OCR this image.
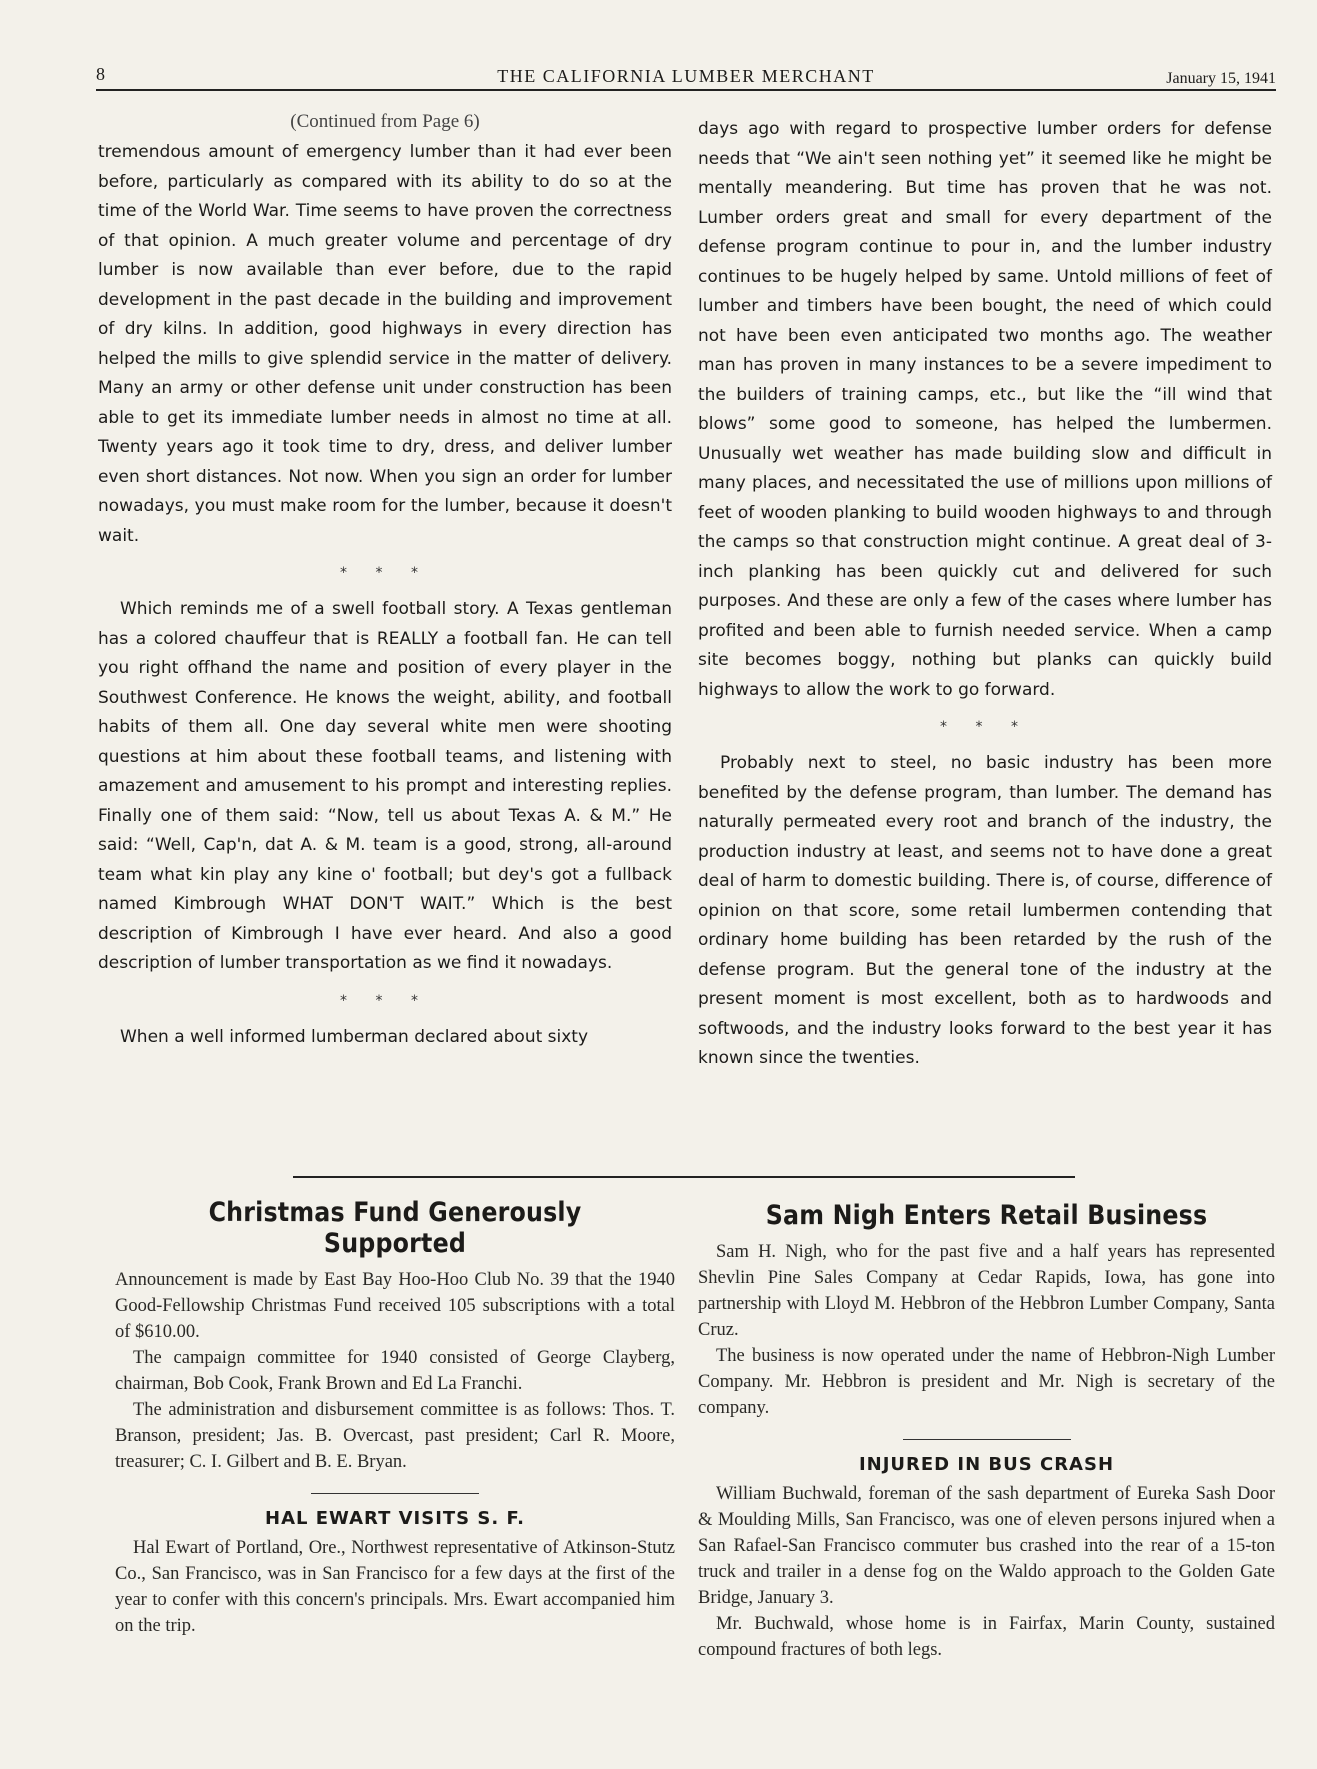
8	THE CALIFORNIA LUMBER MERCHANT	January 15, 1941

(Continued from Page 6)

tremendous amount of emergency lumber than it had ever been before, particularly as compared with its ability to do so at the time of the World War. Time seems to have proven the correctness of that opinion. A much greater volume and percentage of dry lumber is now available than ever before, due to the rapid development in the past decade in the building and improvement of dry kilns. In addition, good highways in every direction has helped the mills to give splendid service in the matter of delivery. Many an army or other defense unit under construction has been able to get its immediate lumber needs in almost no time at all. Twenty years ago it took time to dry, dress, and deliver lumber even short distances. Not now. When you sign an order for lumber nowadays, you must make room for the lumber, because it doesn't wait.

* * *

Which reminds me of a swell football story. A Texas gentleman has a colored chauffeur that is REALLY a football fan. He can tell you right offhand the name and position of every player in the Southwest Conference. He knows the weight, ability, and football habits of them all. One day several white men were shooting questions at him about these football teams, and listening with amazement and amusement to his prompt and interesting replies. Finally one of them said: “Now, tell us about Texas A. & M.” He said: “Well, Cap'n, dat A. & M. team is a good, strong, all-around team what kin play any kine o' football; but dey's got a fullback named Kimbrough WHAT DON'T WAIT.” Which is the best description of Kimbrough I have ever heard. And also a good description of lumber transportation as we find it nowadays.

* * *

When a well informed lumberman declared about sixty

days ago with regard to prospective lumber orders for defense needs that “We ain't seen nothing yet” it seemed like he might be mentally meandering. But time has proven that he was not. Lumber orders great and small for every department of the defense program continue to pour in, and the lumber industry continues to be hugely helped by same. Untold millions of feet of lumber and timbers have been bought, the need of which could not have been even anticipated two months ago. The weather man has proven in many instances to be a severe impediment to the builders of training camps, etc., but like the “ill wind that blows” some good to someone, has helped the lumbermen. Unusually wet weather has made building slow and difficult in many places, and necessitated the use of millions upon millions of feet of wooden planking to build wooden highways to and through the camps so that construction might continue. A great deal of 3-inch planking has been quickly cut and delivered for such purposes. And these are only a few of the cases where lumber has profited and been able to furnish needed service. When a camp site becomes boggy, nothing but planks can quickly build highways to allow the work to go forward.

* * *

Probably next to steel, no basic industry has been more benefited by the defense program, than lumber. The demand has naturally permeated every root and branch of the industry, the production industry at least, and seems not to have done a great deal of harm to domestic building. There is, of course, difference of opinion on that score, some retail lumbermen contending that ordinary home building has been retarded by the rush of the defense program. But the general tone of the industry at the present moment is most excellent, both as to hardwoods and softwoods, and the industry looks forward to the best year it has known since the twenties.

Christmas Fund Generously Supported

Announcement is made by East Bay Hoo-Hoo Club No. 39 that the 1940 Good-Fellowship Christmas Fund received 105 subscriptions with a total of $610.00.

The campaign committee for 1940 consisted of George Clayberg, chairman, Bob Cook, Frank Brown and Ed La Franchi.

The administration and disbursement committee is as follows: Thos. T. Branson, president; Jas. B. Overcast, past president; Carl R. Moore, treasurer; C. I. Gilbert and B. E. Bryan.

HAL EWART VISITS S. F.

Hal Ewart of Portland, Ore., Northwest representative of Atkinson-Stutz Co., San Francisco, was in San Francisco for a few days at the first of the year to confer with this concern's principals. Mrs. Ewart accompanied him on the trip.

Sam Nigh Enters Retail Business

Sam H. Nigh, who for the past five and a half years has represented Shevlin Pine Sales Company at Cedar Rapids, Iowa, has gone into partnership with Lloyd M. Hebbron of the Hebbron Lumber Company, Santa Cruz.

The business is now operated under the name of Hebbron-Nigh Lumber Company. Mr. Hebbron is president and Mr. Nigh is secretary of the company.

INJURED IN BUS CRASH

William Buchwald, foreman of the sash department of Eureka Sash Door & Moulding Mills, San Francisco, was one of eleven persons injured when a San Rafael-San Francisco commuter bus crashed into the rear of a 15-ton truck and trailer in a dense fog on the Waldo approach to the Golden Gate Bridge, January 3.

Mr. Buchwald, whose home is in Fairfax, Marin County, sustained compound fractures of both legs.
